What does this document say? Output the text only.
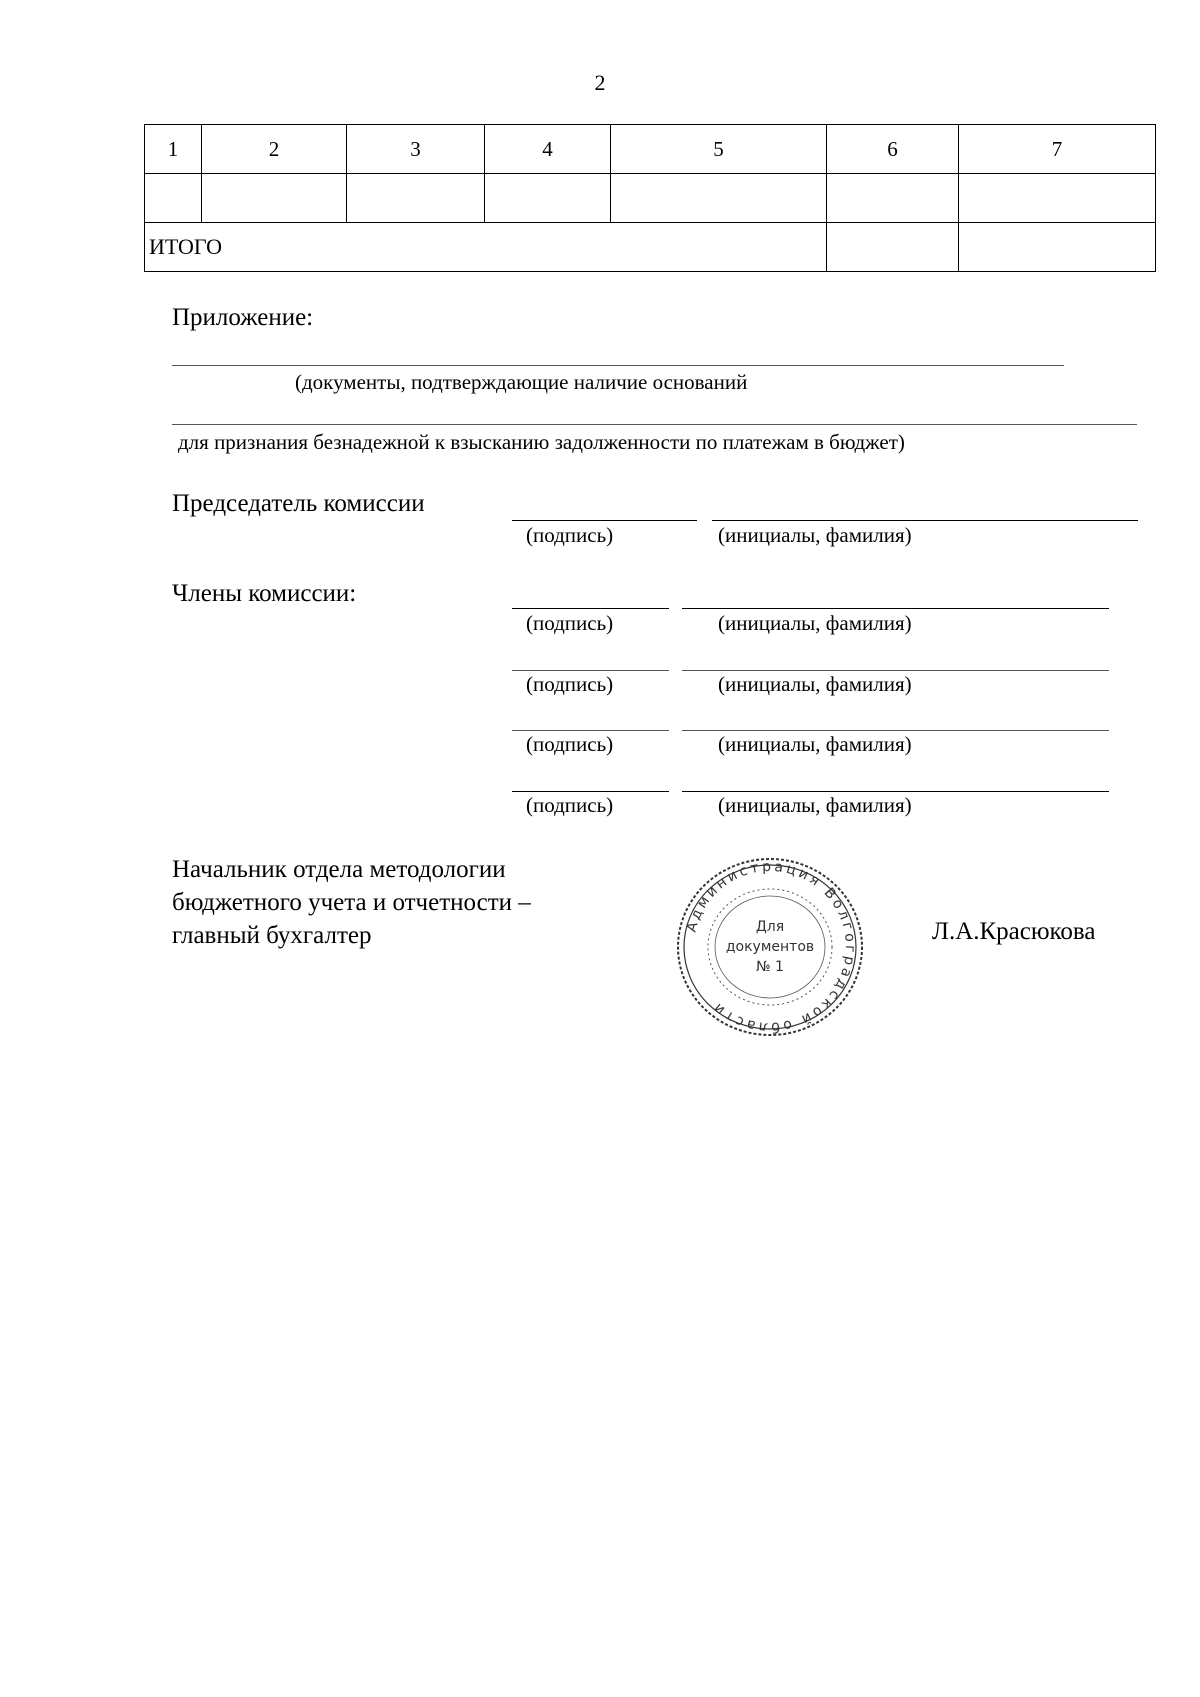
2
1	2	3	4	5	6	7

ИТОГО						
Приложение:
(документы, подтверждающие наличие оснований
для признания безнадежной к взысканию задолженности по платежам в бюджет)
Председатель комиссии
(подпись)	(инициалы, фамилия)
Члены комиссии:
(подпись)	(инициалы, фамилия)
(подпись)	(инициалы, фамилия)
(подпись)	(инициалы, фамилия)
(подпись)	(инициалы, фамилия)
Начальник отдела методологии
бюджетного учета и отчетности –
главный бухгалтер	Л.А.Красюкова
Администрация Волгоградской области
Для
документов
№ 1
